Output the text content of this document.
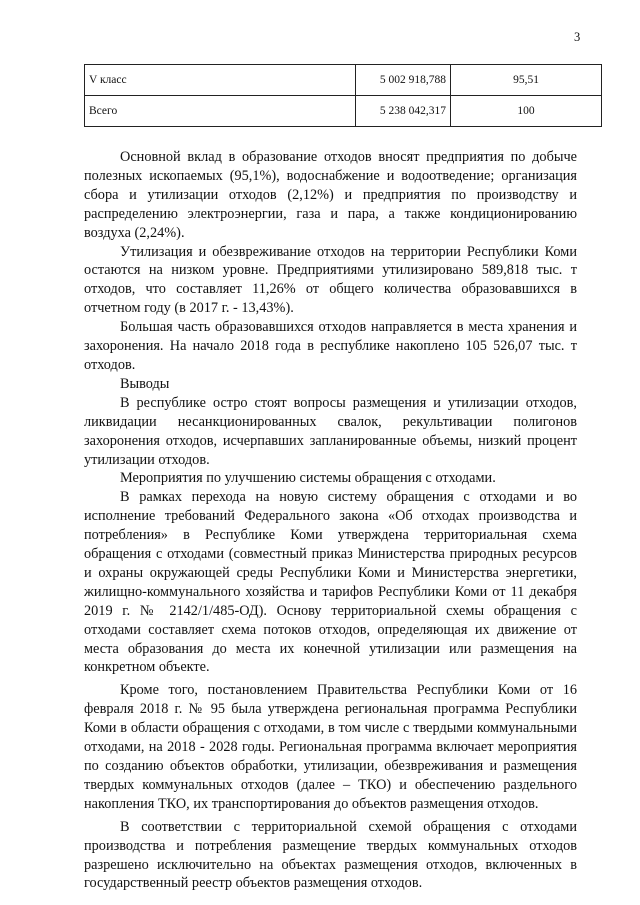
3
V класс	5 002 918,788	95,51
Всего	5 238 042,317	100

Основной вклад в образование отходов вносят предприятия по добыче полезных ископаемых (95,1%), водоснабжение и водоотведение; организация сбора и утилизации отходов (2,12%) и предприятия по производству и распределению электроэнергии, газа и пара, а также кондиционированию воздуха (2,24%).

Утилизация и обезвреживание отходов на территории Республики Коми остаются на низком уровне. Предприятиями утилизировано 589,818 тыс. т отходов, что составляет 11,26% от общего количества образовавшихся в отчетном году (в 2017 г. - 13,43%).

Большая часть образовавшихся отходов направляется в места хранения и захоронения. На начало 2018 года в республике накоплено 105 526,07 тыс. т отходов.

Выводы

В республике остро стоят вопросы размещения и утилизации отходов, ликвидации несанкционированных свалок, рекультивации полигонов захоронения отходов, исчерпавших запланированные объемы, низкий процент утилизации отходов.

Мероприятия по улучшению системы обращения с отходами.

В рамках перехода на новую систему обращения с отходами и во исполнение требований Федерального закона «Об отходах производства и потребления» в Республике Коми утверждена территориальная схема обращения с отходами (совместный приказ Министерства природных ресурсов и охраны окружающей среды Республики Коми и Министерства энергетики, жилищно-коммунального хозяйства и тарифов Республики Коми от 11 декабря 2019 г. № 2142/1/485-ОД). Основу территориальной схемы обращения с отходами составляет схема потоков отходов, определяющая их движение от места образования до места их конечной утилизации или размещения на конкретном объекте.

Кроме того, постановлением Правительства Республики Коми от 16 февраля 2018 г. № 95 была утверждена региональная программа Республики Коми в области обращения с отходами, в том числе с твердыми коммунальными отходами, на 2018 - 2028 годы. Региональная программа включает мероприятия по созданию объектов обработки, утилизации, обезвреживания и размещения твердых коммунальных отходов (далее – ТКО) и обеспечению раздельного накопления ТКО, их транспортирования до объектов размещения отходов.

В соответствии с территориальной схемой обращения с отходами производства и потребления размещение твердых коммунальных отходов разрешено исключительно на объектах размещения отходов, включенных в государственный реестр объектов размещения отходов.
